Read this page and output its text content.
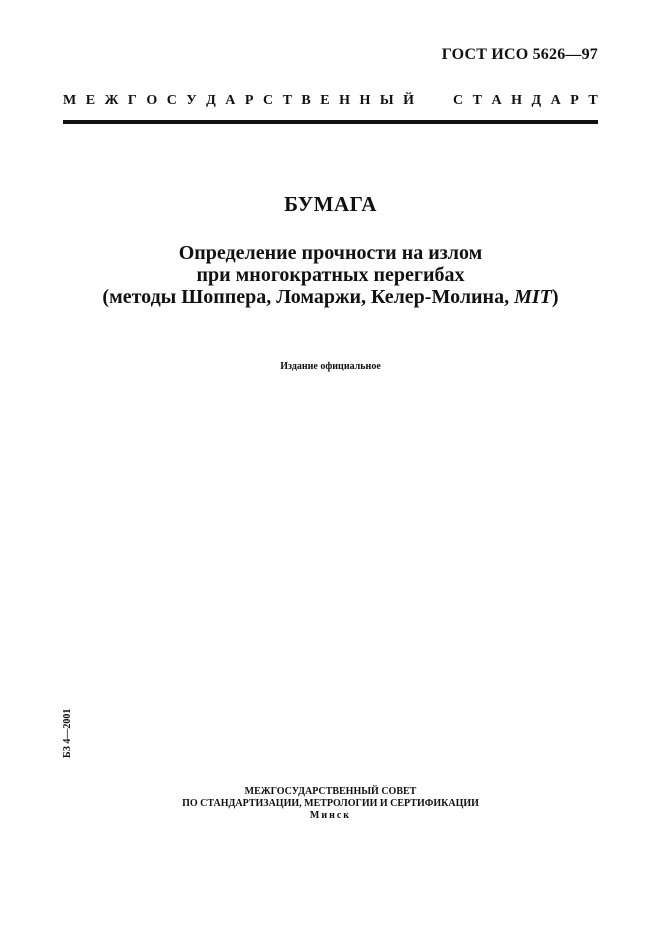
ГОСТ ИСО 5626—97
М Е Ж Г О С У Д А Р С Т В Е Н Н Ы Й	С Т А Н Д А Р Т
БУМАГА
Определение прочности на излом
при многократных перегибах
(методы Шоппера, Ломаржи, Келер-Молина, MIT)
Издание официальное
БЗ 4—2001
МЕЖГОСУДАРСТВЕННЫЙ СОВЕТ
ПО СТАНДАРТИЗАЦИИ, МЕТРОЛОГИИ И СЕРТИФИКАЦИИ
Минск
